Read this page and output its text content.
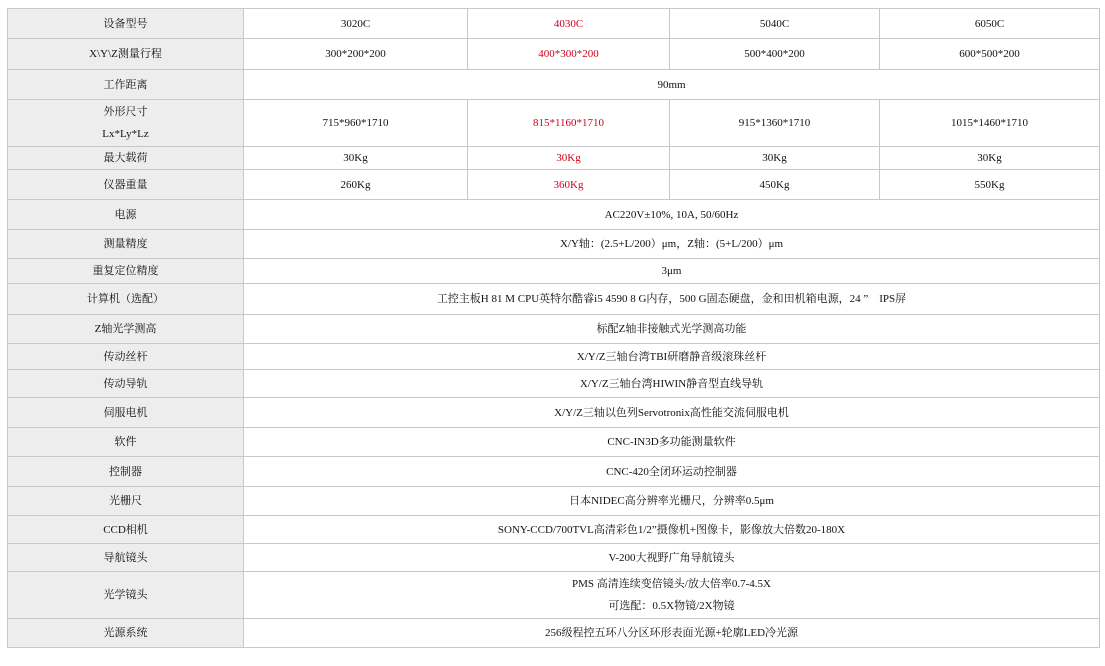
设备型号	3020C	4030C	5040C	6050C
X\Y\Z测量行程	300*200*200	400*300*200	500*400*200	600*500*200
工作距离	90mm			

外形尺寸
Lx*Ly*Lz	715*960*1710	815*1160*1710	915*1360*1710	1015*1460*1710
最大载荷	30Kg	30Kg	30Kg	30Kg
仪器重量	260Kg	360Kg	450Kg	550Kg
电源	AC220V±10%, 10A, 50/60Hz			
测量精度	X/Y轴：(2.5+L/200）μm，Z轴：(5+L/200）μm			
重复定位精度	3μm			
计算机（选配）	工控主板H 81 M CPU英特尔酷睿i5 4590 8 G内存，500 G固态硬盘，金和田机箱电源，24 ”　IPS屏			
Z轴光学测高	标配Z轴非接触式光学测高功能			
传动丝杆	X/Y/Z三轴台湾TBI研磨静音级滚珠丝杆			
传动导轨	X/Y/Z三轴台湾HIWIN静音型直线导轨			
伺服电机	X/Y/Z三轴以色列Servotronix高性能交流伺服电机			
软件	CNC-IN3D多功能测量软件			
控制器	CNC-420全闭环运动控制器			
光栅尺	日本NIDEC高分辨率光栅尺，分辨率0.5μm			
CCD相机	SONY-CCD/700TVL高清彩色1/2”摄像机+图像卡，影像放大倍数20-180X			
导航镜头	V-200大视野广角导航镜头			
光学镜头	PMS 高清连续变倍镜头/放大倍率0.7-4.5X
可选配：0.5X物镜/2X物镜			

光源系统	256级程控五环八分区环形表面光源+轮廓LED冷光源			
